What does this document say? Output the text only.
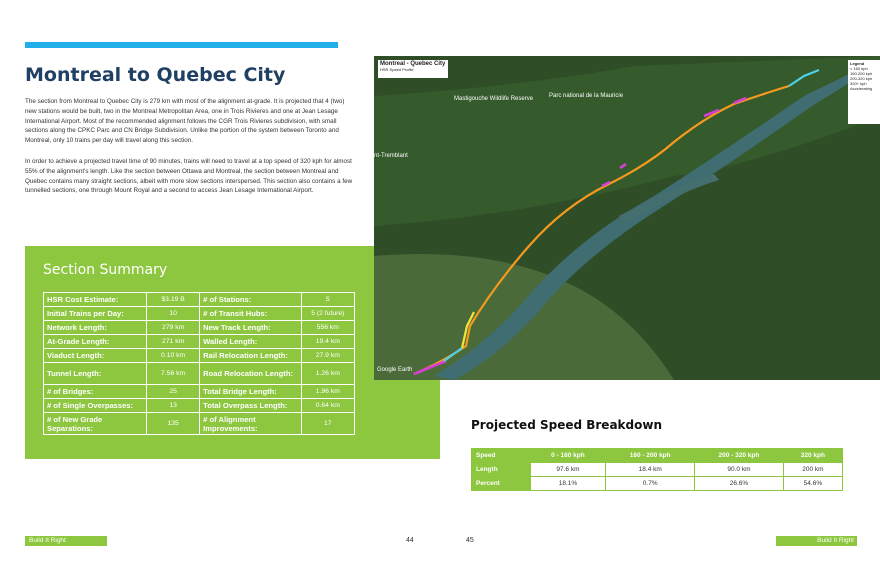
Montreal to Quebec City
The section from Montreal to Quebec City is 279 km with most of the alignment at-grade. It is projected that 4 (two) new stations would be built, two in the Montreal Metropolitan Area, one in Trois Rivieres and one at Jean Lesage International Airport. Most of the recommended alignment follows the CGR Trois Rivieres subdivision, with small sections along the CPKC Parc and CN Bridge Subdivision. Unlike the portion of the system between Toronto and Montreal, only 10 trains per day will travel along this section.
In order to achieve a projected travel time of 90 minutes, trains will need to travel at a top speed of 320 kph for almost 55% of the alignment's length. Like the section between Ottawa and Montreal, the section between Montreal and Quebec contains many straight sections, albeit with more slow sections interspersed. This section also contains a few tunnelled sections, one through Mount Royal and a second to access Jean Lesage International Airport.
Section Summary
HSR Cost Estimate:	$3.19 B	# of Stations:	5
Initial Trains per Day:	10	# of Transit Hubs:	5 (2 future)
Network Length:	279 km	New Track Length:	556 km
At-Grade Length:	271 km	Walled Length:	19.4 km
Viaduct Length:	0.10 km	Rail Relocation Length:	27.9 km
Tunnel Length:	7.56 km	Road Relocation Length:	1.26 km
# of Bridges:	25	Total Bridge Length:	1.96 km
# of Single Overpasses:	13	Total Overpass Length:	0.64 km
# of New Grade Separations:	135	# of Alignment Improvements:	17
Montreal - Quebec City
HSR Speed Profile
Legend
< 160 kph
160-200 kph
200-320 kph
320+ kph
Accelerating
Mastigouche Wildlife Reserve	Parc national de la Mauricie
nt-Tremblant
Google Earth
Projected Speed Breakdown
Speed	0 - 160 kph	160 - 200 kph	200 - 320 kph	320 kph
Length	97.6 km	18.4 km	90.0 km	200 km
Percent	18.1%	0.7%	26.6%	54.6%
Build It Right	44	45	Build It Right
